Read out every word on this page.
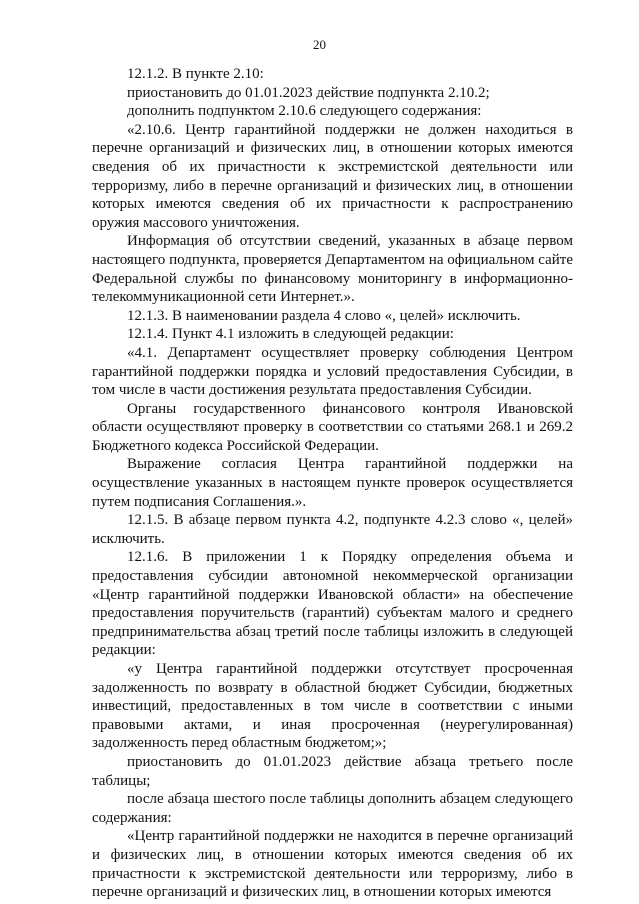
20

12.1.2. В пункте 2.10:

приостановить до 01.01.2023 действие подпункта 2.10.2;

дополнить подпунктом 2.10.6 следующего содержания:

«2.10.6. Центр гарантийной поддержки не должен находиться в перечне организаций и физических лиц, в отношении которых имеются сведения об их причастности к экстремистской деятельности или терроризму, либо в перечне организаций и физических лиц, в отношении которых имеются сведения об их причастности к распространению оружия массового уничтожения.

Информация об отсутствии сведений, указанных в абзаце первом настоящего подпункта, проверяется Департаментом на официальном сайте Федеральной службы по финансовому мониторингу в информационно-телекоммуникационной сети Интернет.».

12.1.3. В наименовании раздела 4 слово «, целей» исключить.

12.1.4. Пункт 4.1 изложить в следующей редакции:

«4.1. Департамент осуществляет проверку соблюдения Центром гарантийной поддержки порядка и условий предоставления Субсидии, в том числе в части достижения результата предоставления Субсидии.

Органы государственного финансового контроля Ивановской области осуществляют проверку в соответствии со статьями 268.1 и 269.2 Бюджетного кодекса Российской Федерации.

Выражение согласия Центра гарантийной поддержки на осуществление указанных в настоящем пункте проверок осуществляется путем подписания Соглашения.».

12.1.5. В абзаце первом пункта 4.2, подпункте 4.2.3 слово «, целей» исключить.

12.1.6. В приложении 1 к Порядку определения объема и предоставления субсидии автономной некоммерческой организации «Центр гарантийной поддержки Ивановской области» на обеспечение предоставления поручительств (гарантий) субъектам малого и среднего предпринимательства абзац третий после таблицы изложить в следующей редакции:

«у Центра гарантийной поддержки отсутствует просроченная задолженность по возврату в областной бюджет Субсидии, бюджетных инвестиций, предоставленных в том числе в соответствии с иными правовыми актами, и иная просроченная (неурегулированная) задолженность перед областным бюджетом;»;

приостановить до 01.01.2023 действие абзаца третьего после таблицы;

после абзаца шестого после таблицы дополнить абзацем следующего содержания:

«Центр гарантийной поддержки не находится в перечне организаций и физических лиц, в отношении которых имеются сведения об их причастности к экстремистской деятельности или терроризму, либо в перечне организаций и физических лиц, в отношении которых имеются
